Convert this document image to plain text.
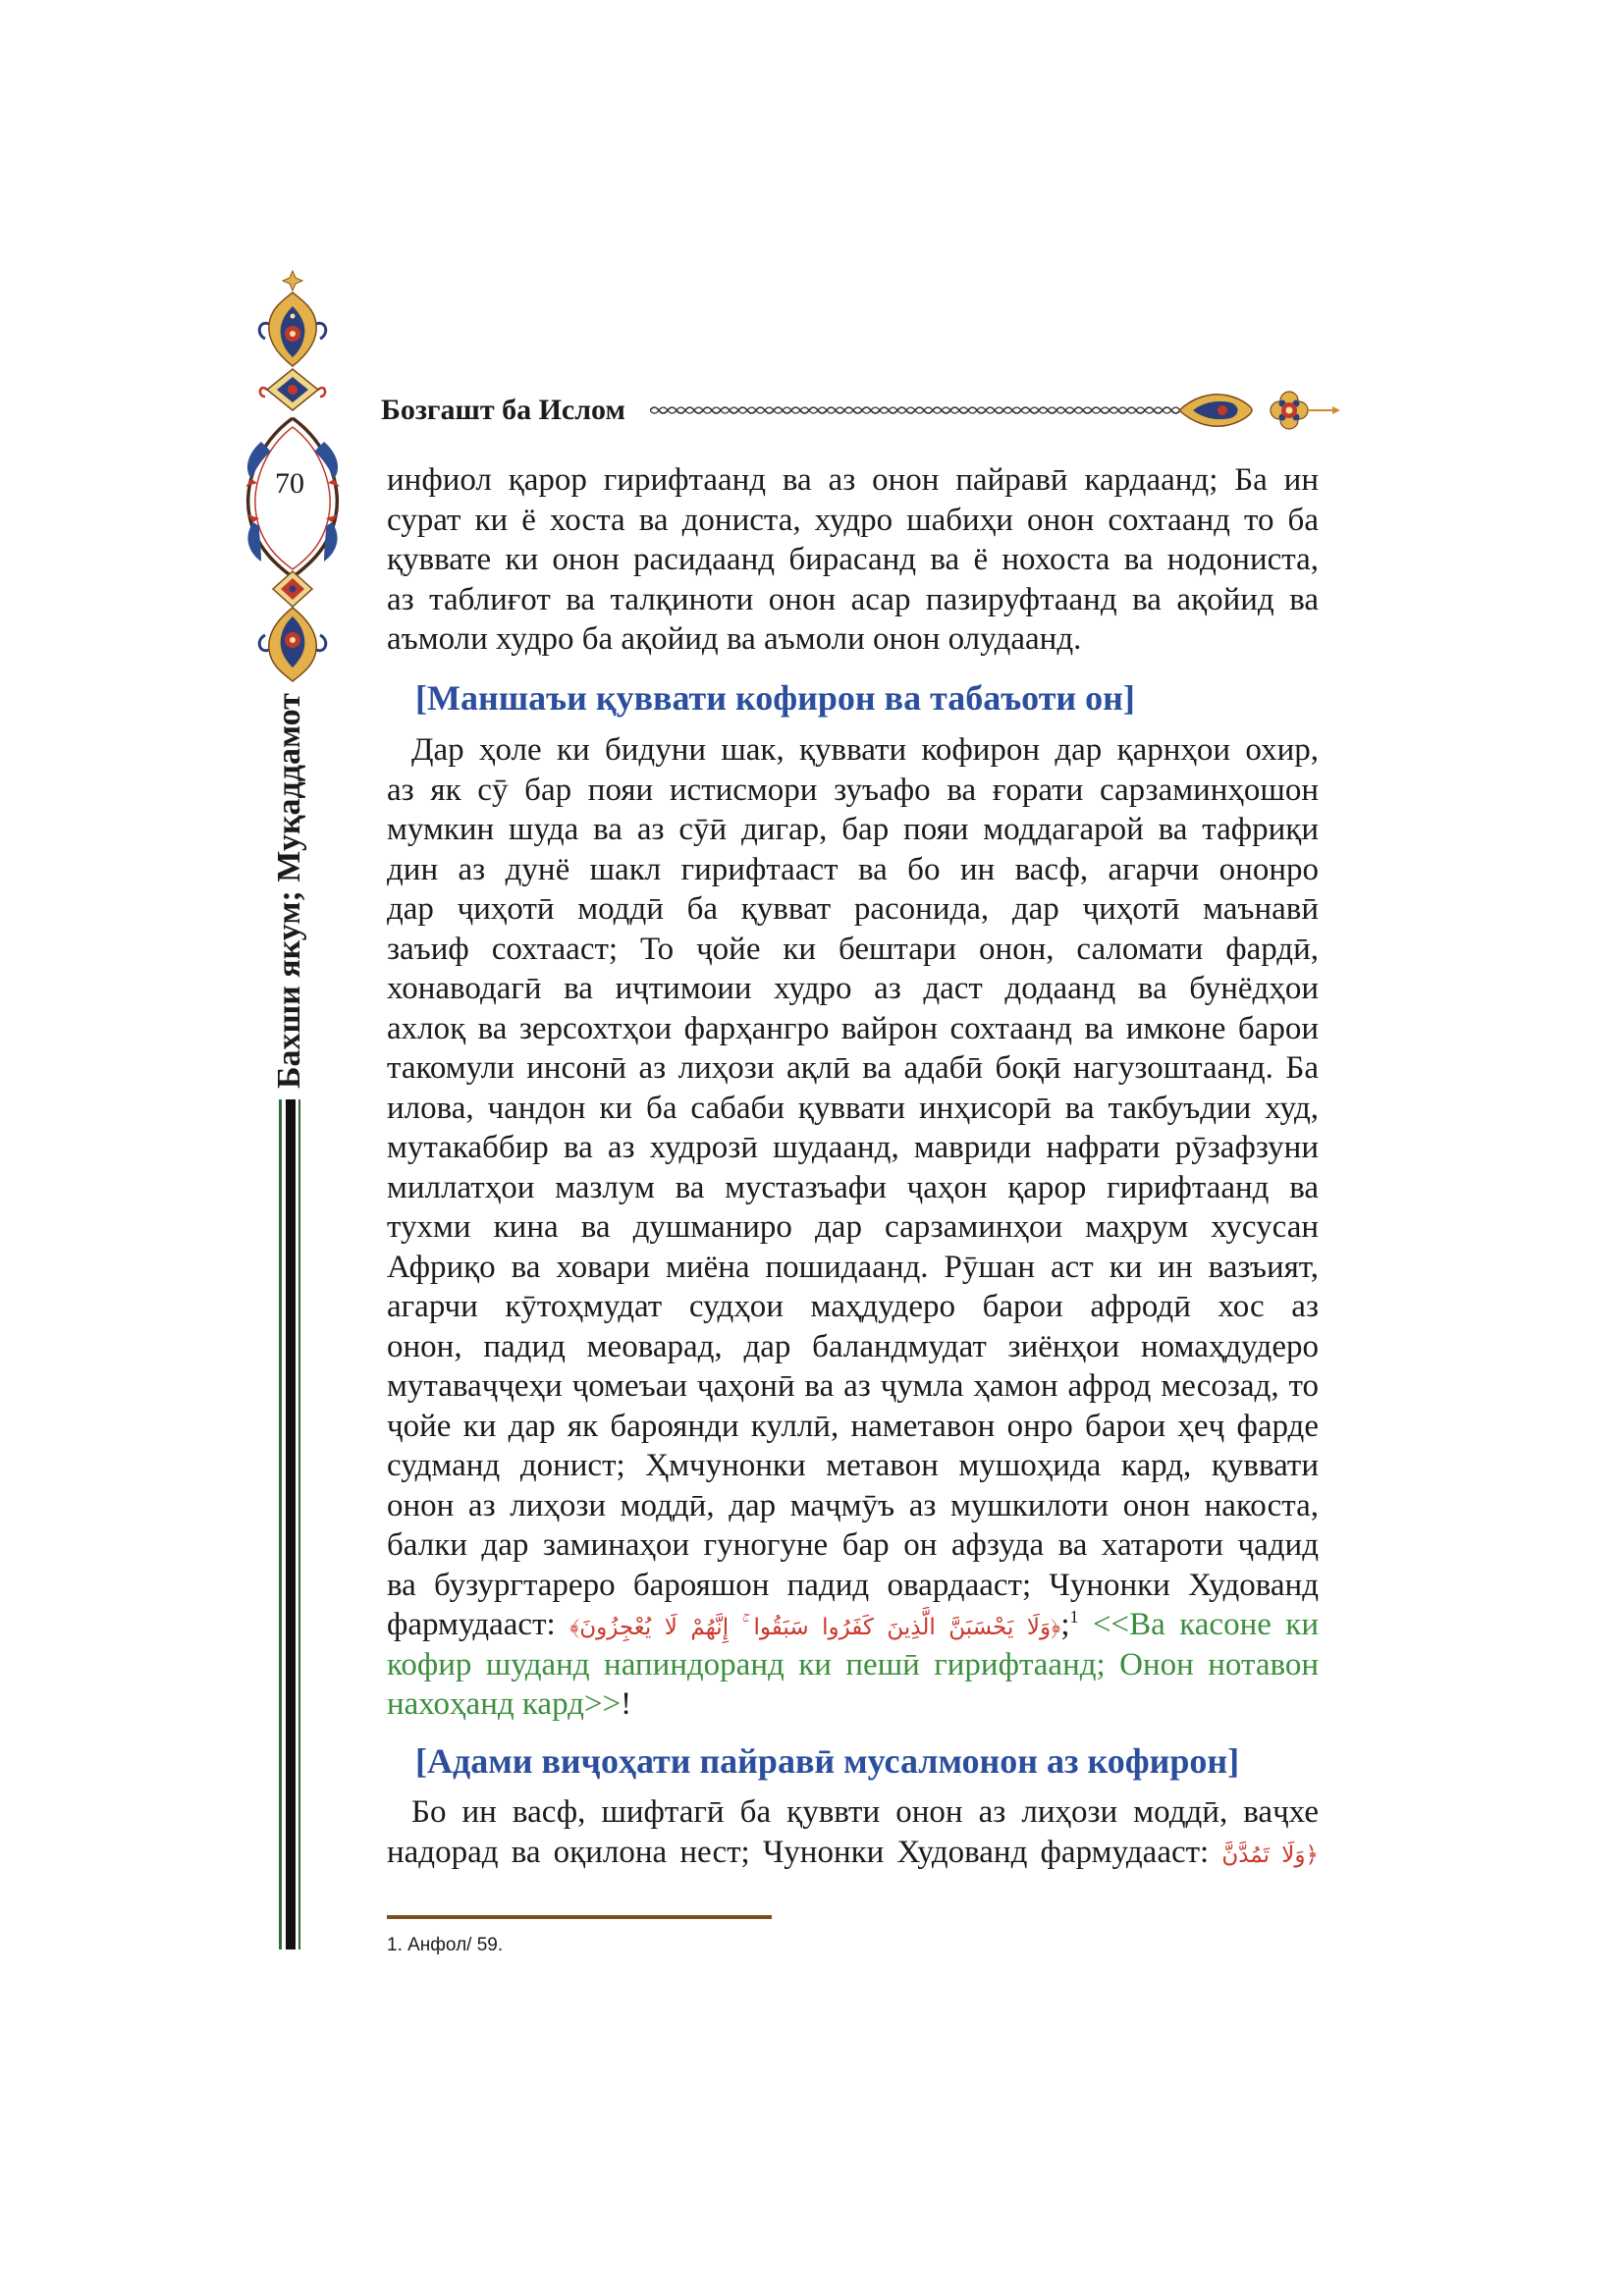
70
Бозгашт ба Ислом
Бахши якум; Муқаддамот
инфиол қарор гирифтаанд ва аз онон пайравӣ кардаанд; Ба ин
сурат ки ё хоста ва дониста, худро шабиҳи онон сохтаанд то ба
қуввате ки онон расидаанд бирасанд ва ё нохоста ва нодониста,
аз таблиғот ва талқиноти онон асар пазируфтаанд ва ақойид ва
аъмоли худро ба ақойид ва аъмоли онон олудаанд.
[Маншаъи қуввати кофирон ва табаъоти он]
Дар ҳоле ки бидуни шак, қуввати кофирон дар қарнҳои охир,
аз як сӯ бар пояи истисмори зуъафо ва ғорати сарзаминҳошон
мумкин шуда ва аз сӯӣ дигар, бар пояи моддагарой ва тафриқи
дин аз дунё шакл гирифтааст ва бо ин васф, агарчи ононро
дар ҷиҳотӣ моддӣ ба қувват расонида, дар ҷиҳотӣ маънавӣ
заъиф сохтааст; То ҷойе ки бештари онон, саломати фардӣ,
хонаводагӣ ва иҷтимоии худро аз даст додаанд ва бунёдҳои
ахлоқ ва зерсохтҳои фарҳангро вайрон сохтаанд ва имконе барои
такомули инсонӣ аз лиҳози ақлӣ ва адабӣ боқӣ нагузоштаанд. Ба
илова, чандон ки ба сабаби қуввати инҳисорӣ ва такбуъдии худ,
мутакаббир ва аз худрозӣ шудаанд, мавриди нафрати рӯзафзуни
миллатҳои мазлум ва мустазъафи ҷаҳон қарор гирифтаанд ва
тухми кина ва душманиро дар сарзаминҳои маҳрум хусусан
Африқо ва ховари миёна пошидаанд. Рӯшан аст ки ин вазъият,
агарчи кӯтоҳмудат судҳои маҳдудеро барои афродӣ хос аз
онон, падид меоварад, дар баландмудат зиёнҳои номаҳдудеро
мутаваҷҷеҳи ҷомеъаи ҷаҳонӣ ва аз ҷумла ҳамон афрод месозад, то
ҷойе ки дар як бароянди куллӣ, наметавон онро барои ҳеҷ фарде
судманд донист; Ҳмчунонки метавон мушоҳида кард, қуввати
онон аз лиҳози моддӣ, дар маҷмӯъ аз мушкилоти онон накоста,
балки дар заминаҳои гуногуне бар он афзуда ва хатароти ҷадид
ва бузургтареро барояшон падид овардааст; Чунонки Худованд
фармудааст: ﴿وَلَا يَحْسَبَنَّ الَّذِينَ كَفَرُوا سَبَقُوا ۚ إِنَّهُمْ لَا يُعْجِزُونَ﴾;$^1$ <<Ва касоне ки
кофир шуданд напиндоранд ки пешӣ гирифтаанд; Онон нотавон
нахоҳанд кард>>!
[Адами виҷоҳати пайравӣ мусалмонон аз кофирон]
Бо ин васф, шифтагӣ ба қуввти онон аз лиҳози моддӣ, ваҷхе
надорад ва оқилона нест; Чунонки Худованд фармудааст: ﴿وَلَا تَمُدَّنَّ
1. Анфол/ 59.
